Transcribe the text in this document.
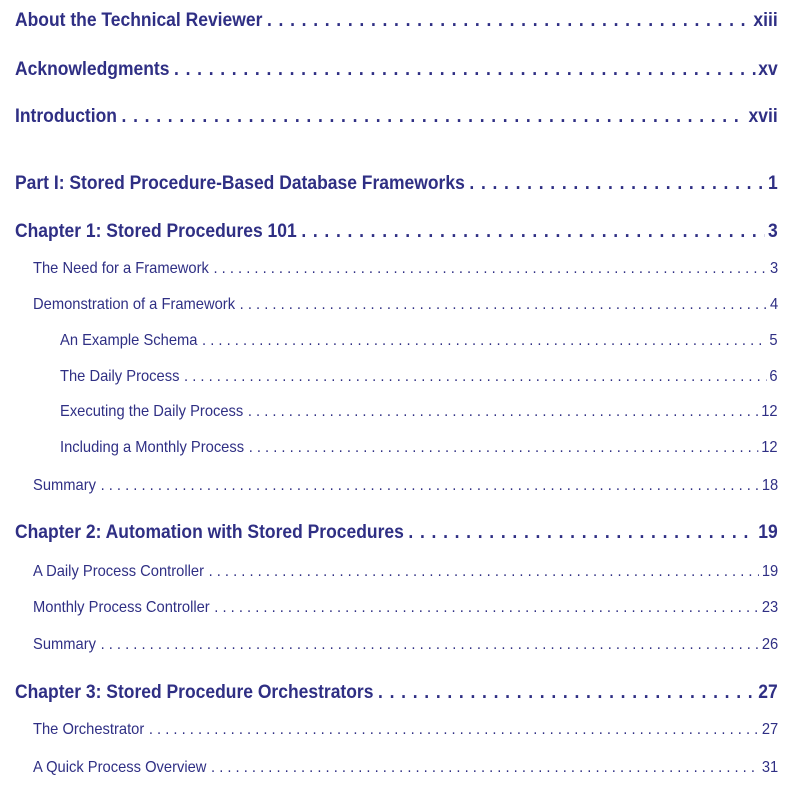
About the Technical Reviewer . . .	xiii
Acknowledgments . . .	xv
Introduction . . .	xvii
Part I: Stored Procedure-Based Database Frameworks . . .	1
Chapter 1: Stored Procedures 101 . . .	3
The Need for a Framework . . .	3
Demonstration of a Framework . . .	4
An Example Schema . . .	5
The Daily Process . . .	6
Executing the Daily Process . . .	12
Including a Monthly Process . . .	12
Summary . . .	18
Chapter 2: Automation with Stored Procedures . . .	19
A Daily Process Controller . . .	19
Monthly Process Controller . . .	23
Summary . . .	26
Chapter 3: Stored Procedure Orchestrators . . .	27
The Orchestrator . . .	27
A Quick Process Overview . . .	31
